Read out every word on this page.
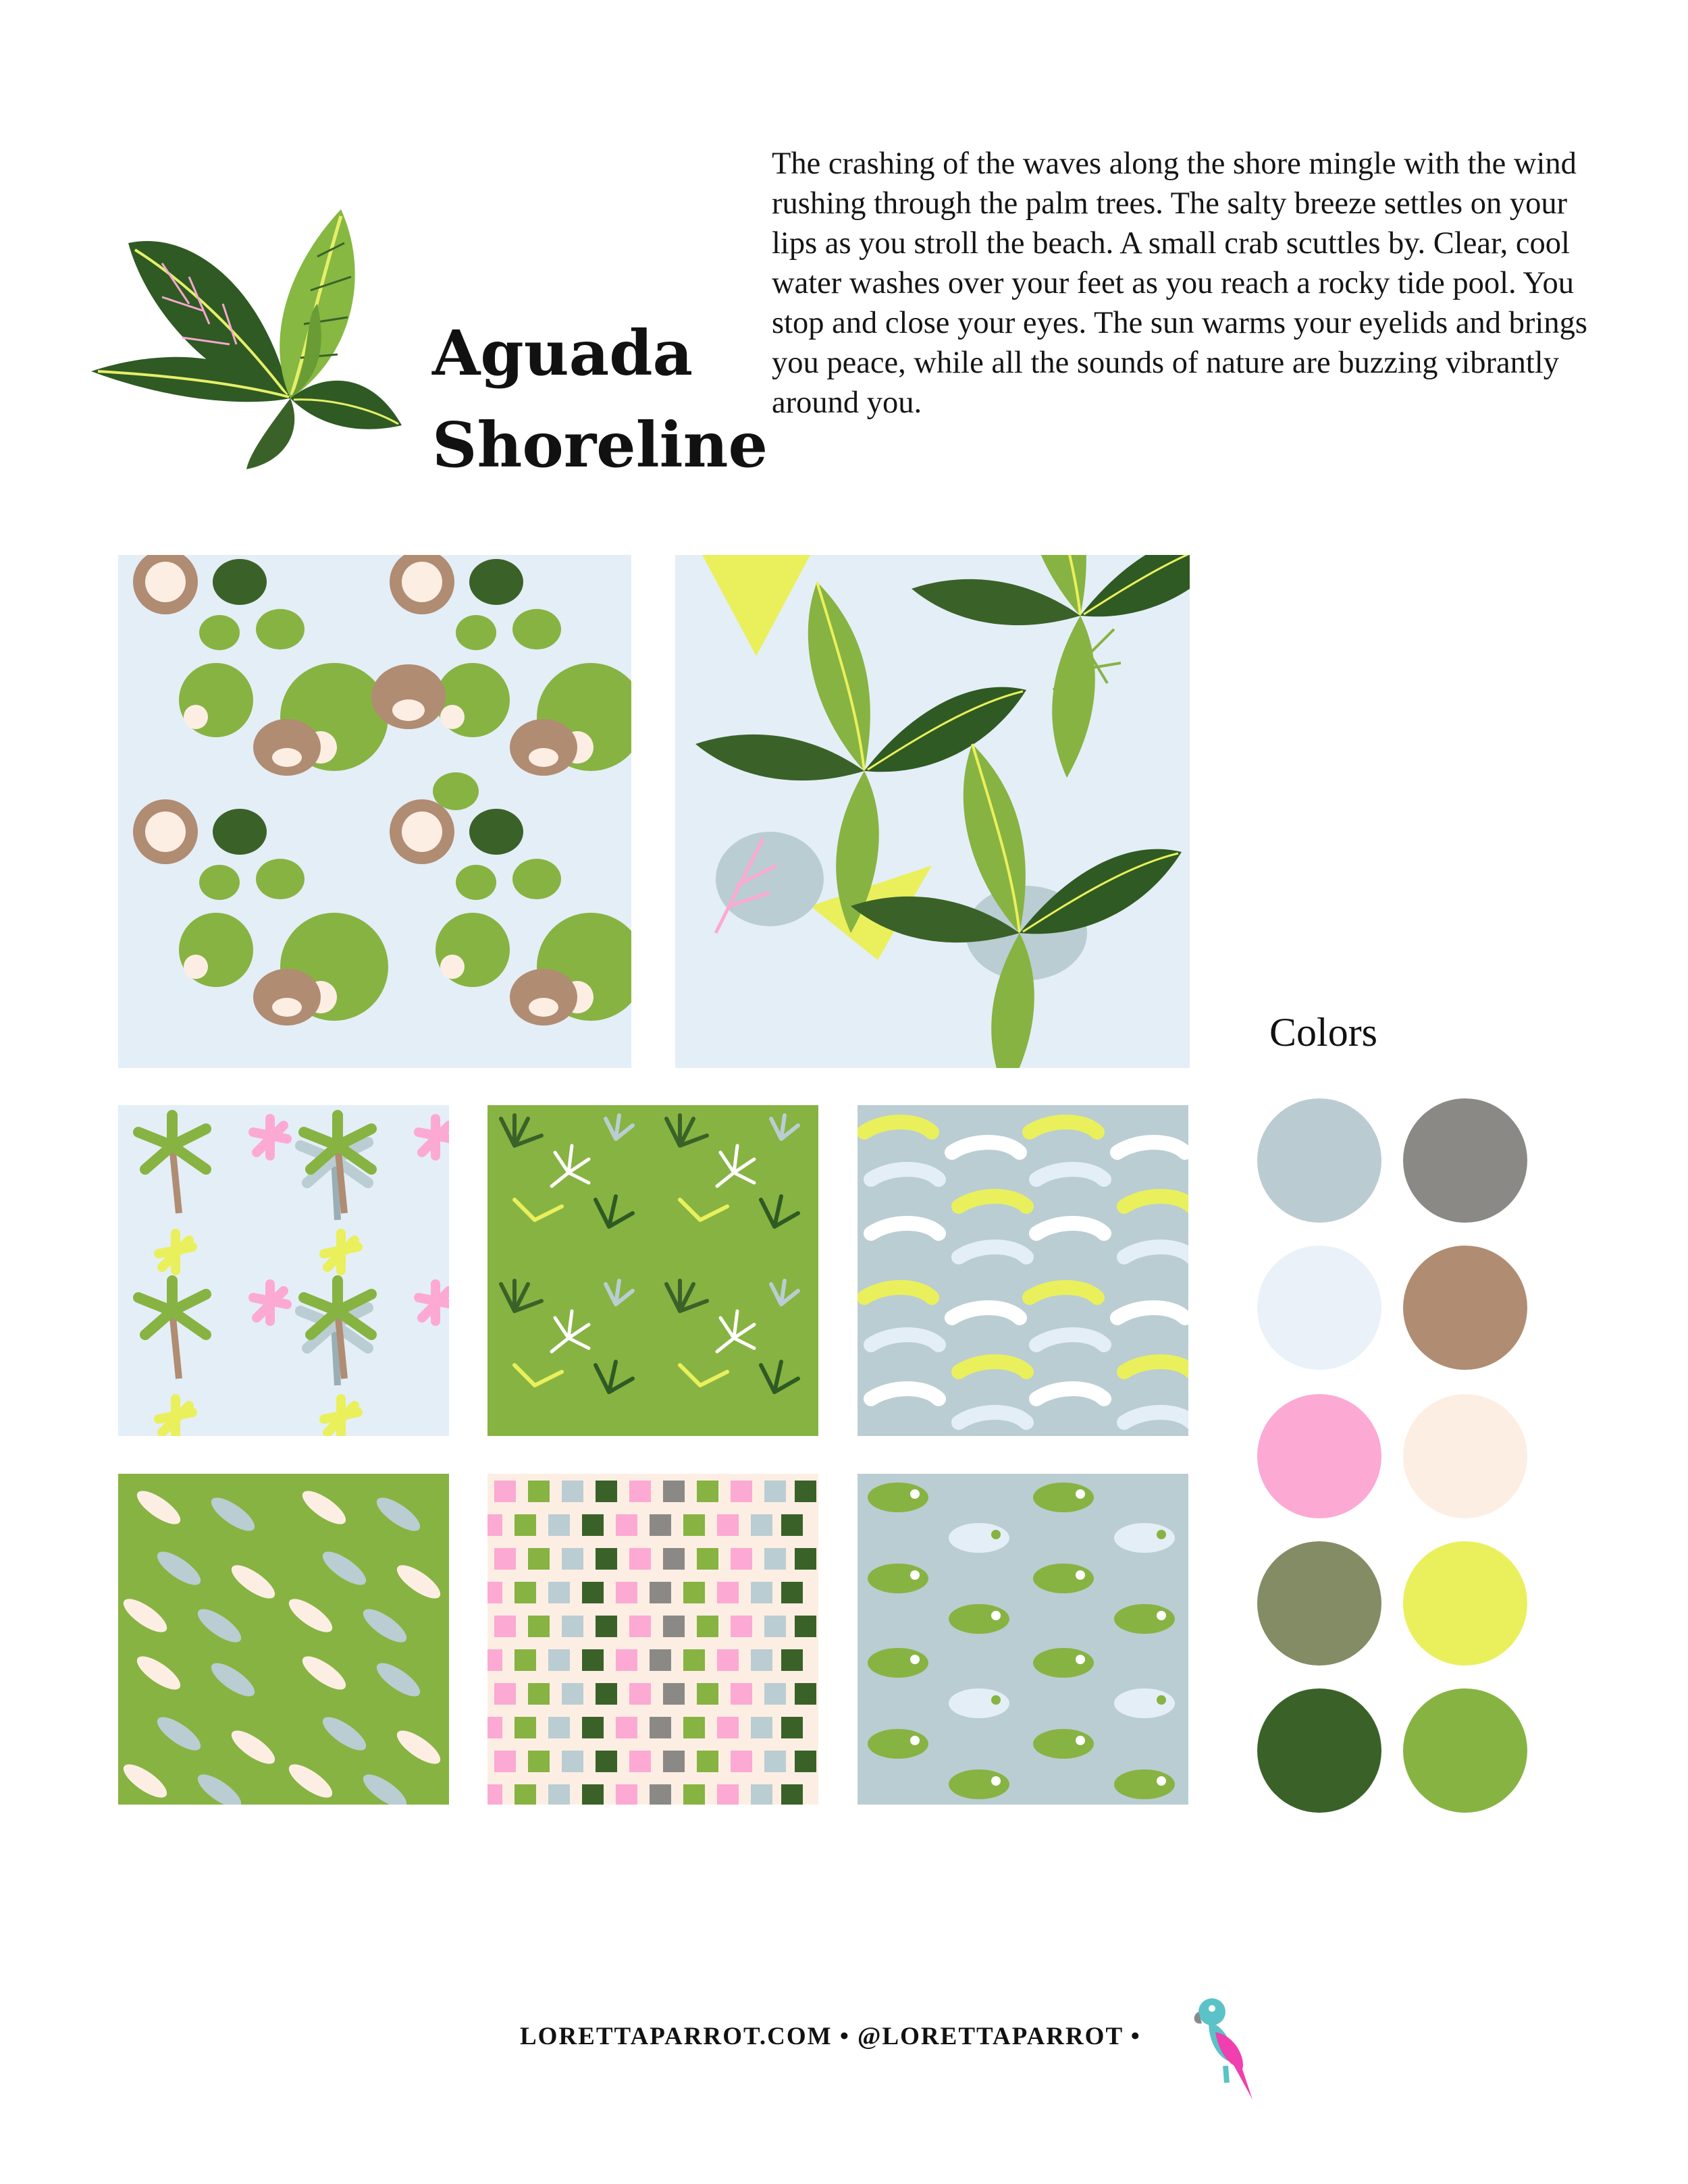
Aguada
Shoreline
The crashing of the waves along the shore mingle with the wind rushing through the palm trees. The salty breeze settles on your lips as you stroll the beach. A small crab scuttles by. Clear, cool water washes over your feet as you reach a rocky tide pool. You stop and close your eyes. The sun warms your eyelids and brings you peace, while all the sounds of nature are buzzing vibrantly around you.
Colors
LORETTAPARROT.COM • @LORETTAPARROT •
